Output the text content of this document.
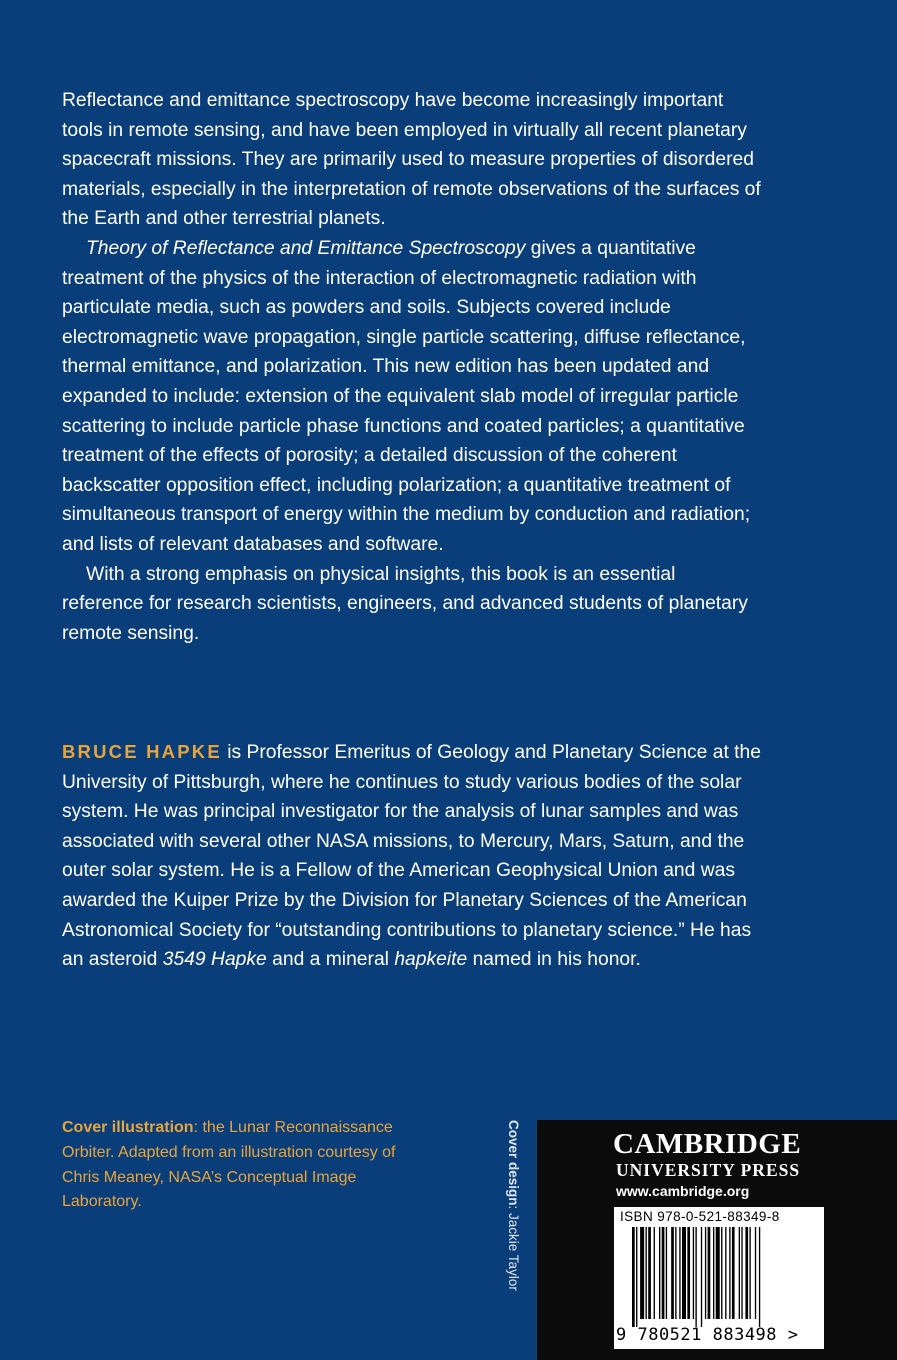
Reflectance and emittance spectroscopy have become increasingly important tools in remote sensing, and have been employed in virtually all recent planetary spacecraft missions. They are primarily used to measure properties of disordered materials, especially in the interpretation of remote observations of the surfaces of the Earth and other terrestrial planets.

Theory of Reflectance and Emittance Spectroscopy gives a quantitative treatment of the physics of the interaction of electromagnetic radiation with particulate media, such as powders and soils. Subjects covered include electromagnetic wave propagation, single particle scattering, diffuse reflectance, thermal emittance, and polarization. This new edition has been updated and expanded to include: extension of the equivalent slab model of irregular particle scattering to include particle phase functions and coated particles; a quantitative treatment of the effects of porosity; a detailed discussion of the coherent backscatter opposition effect, including polarization; a quantitative treatment of simultaneous transport of energy within the medium by conduction and radiation; and lists of relevant databases and software.

With a strong emphasis on physical insights, this book is an essential reference for research scientists, engineers, and advanced students of planetary remote sensing.

BRUCE HAPKE is Professor Emeritus of Geology and Planetary Science at the University of Pittsburgh, where he continues to study various bodies of the solar system. He was principal investigator for the analysis of lunar samples and was associated with several other NASA missions, to Mercury, Mars, Saturn, and the outer solar system. He is a Fellow of the American Geophysical Union and was awarded the Kuiper Prize by the Division for Planetary Sciences of the American Astronomical Society for “outstanding contributions to planetary science.” He has an asteroid 3549 Hapke and a mineral hapkeite named in his honor.

Cover illustration: the Lunar Reconnaissance Orbiter. Adapted from an illustration courtesy of Chris Meaney, NASA’s Conceptual Image Laboratory.	Cover design: Jackie Taylor
CAMBRIDGE
UNIVERSITY PRESS
www.cambridge.org
ISBN 978-0-521-88349-8
9 780521 883498 >
